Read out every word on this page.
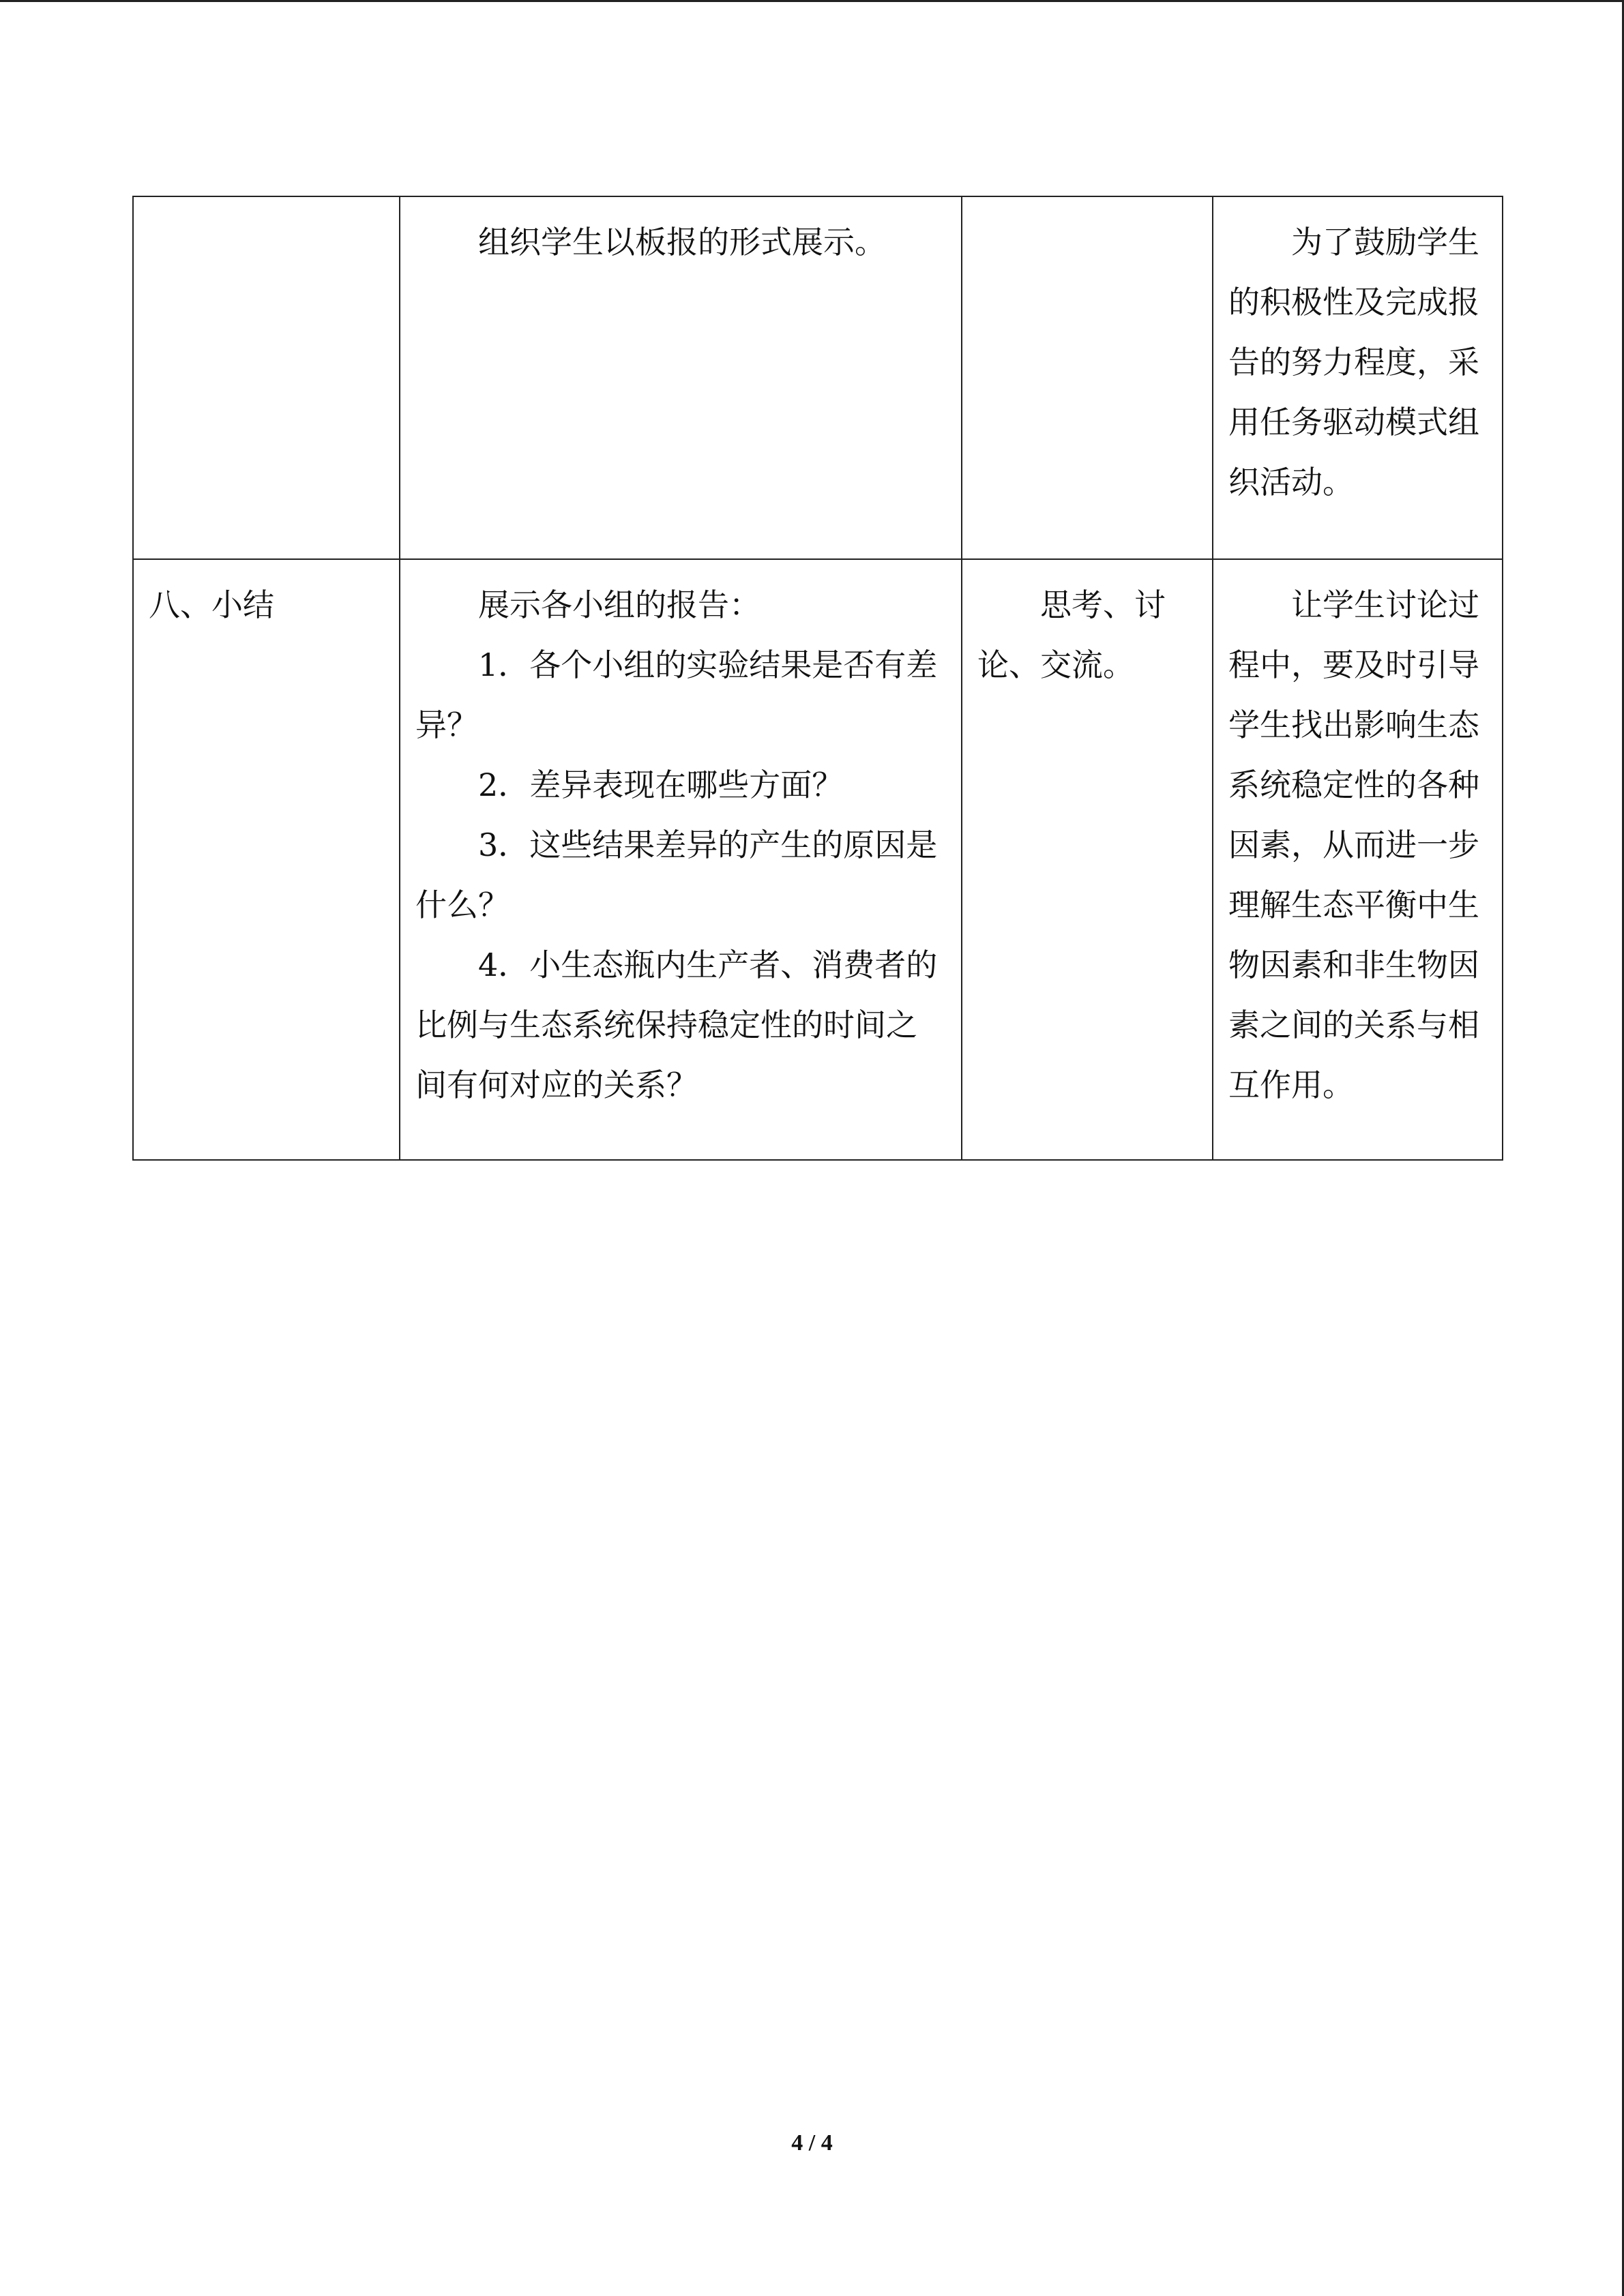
	组织学生以板报的形式展示。		为了鼓励学生的积极性及完成报告的努力程度，采用任务驱动模式组织活动。

八、小结	展示各小组的报告：

1．各个小组的实验结果是否有差异？

2．差异表现在哪些方面？

3．这些结果差异的产生的原因是什么？

4．小生态瓶内生产者、消费者的比例与生态系统保持稳定性的时间之间有何对应的关系？	思考、讨论、交流。	让学生讨论过程中，要及时引导学生找出影响生态系统稳定性的各种因素，从而进一步理解生态平衡中生物因素和非生物因素之间的关系与相互作用。

4 / 4
